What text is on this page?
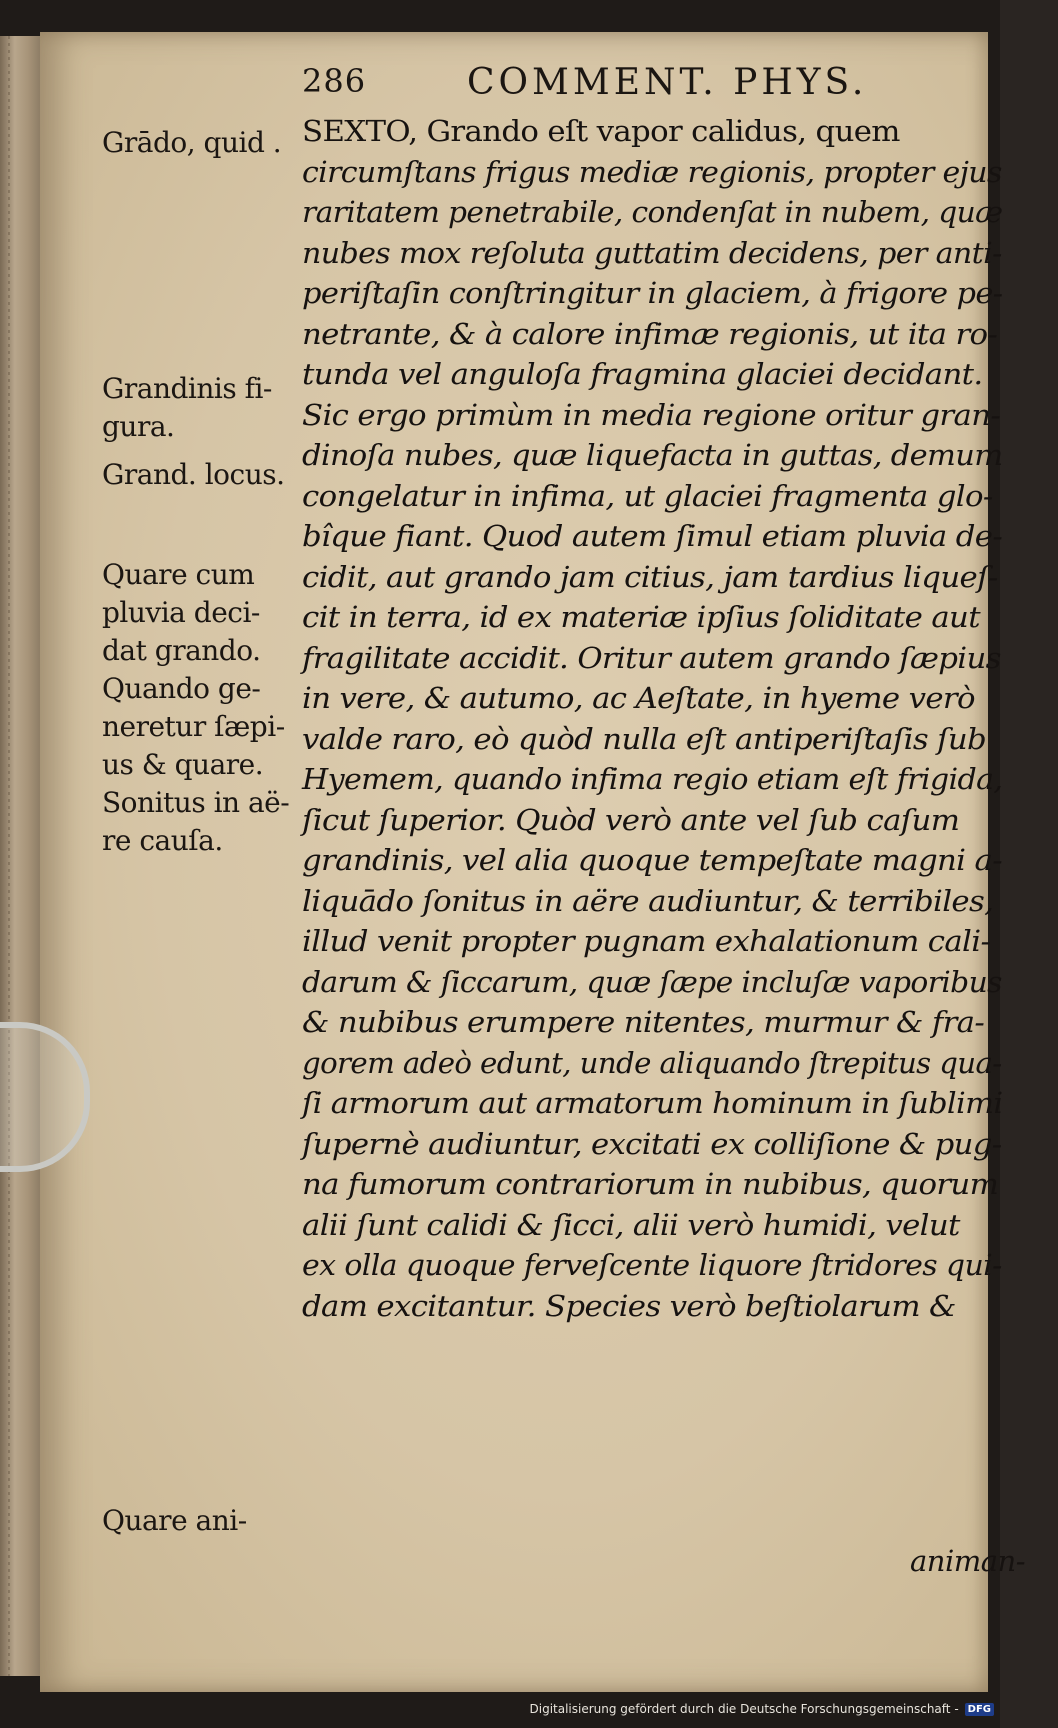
286	COMMENT. PHYS.
Grādo, quid .
Grandinis fi-
gura.
Grand. locus.
Quare cum
pluvia deci-
dat grando.
Quando ge-
neretur ſæpi-
us & quare.
Sonitus in aë-
re cauſa.
Quare ani-
SEXTO, Grando eſt vapor calidus, quem
circumſtans frigus mediæ regionis, propter ejus
raritatem penetrabile, condenſat in nubem, quæ
nubes mox reſoluta guttatim decidens, per anti-
periſtaſin conſtringitur in glaciem, à frigore pe-
netrante, & à calore infimæ regionis, ut ita ro-
tunda vel anguloſa fragmina glaciei decidant.
Sic ergo primùm in media regione oritur gran-
dinoſa nubes, quæ liquefacta in guttas, demum
congelatur in infima, ut glaciei fragmenta glo-
bîque fiant. Quod autem ſimul etiam pluvia de-
cidit, aut grando jam citius, jam tardius liqueſ-
cit in terra, id ex materiæ ipſius ſoliditate aut
fragilitate accidit. Oritur autem grando ſæpius
in vere, & autumo, ac Aeſtate, in hyeme verò
valde raro, eò quòd nulla eſt antiperiſtaſis ſub
Hyemem, quando infima regio etiam eſt frigida,
ſicut ſuperior. Quòd verò ante vel ſub caſum
grandinis, vel alia quoque tempeſtate magni a-
liquādo ſonitus in aëre audiuntur, & terribiles,
illud venit propter pugnam exhalationum cali-
darum & ſiccarum, quæ ſæpe incluſæ vaporibus
& nubibus erumpere nitentes, murmur & fra-
gorem adeò edunt, unde aliquando ſtrepitus qua-
ſi armorum aut armatorum hominum in ſublimi
ſupernè audiuntur, excitati ex colliſione & pug-
na fumorum contrariorum in nubibus, quorum
alii ſunt calidi & ſicci, alii verò humidi, velut
ex olla quoque ferveſcente liquore ſtridores qui-
dam excitantur. Species verò beſtiolarum &
animan-
Digitalisierung gefördert durch die Deutsche Forschungsgemeinschaft - DFG
